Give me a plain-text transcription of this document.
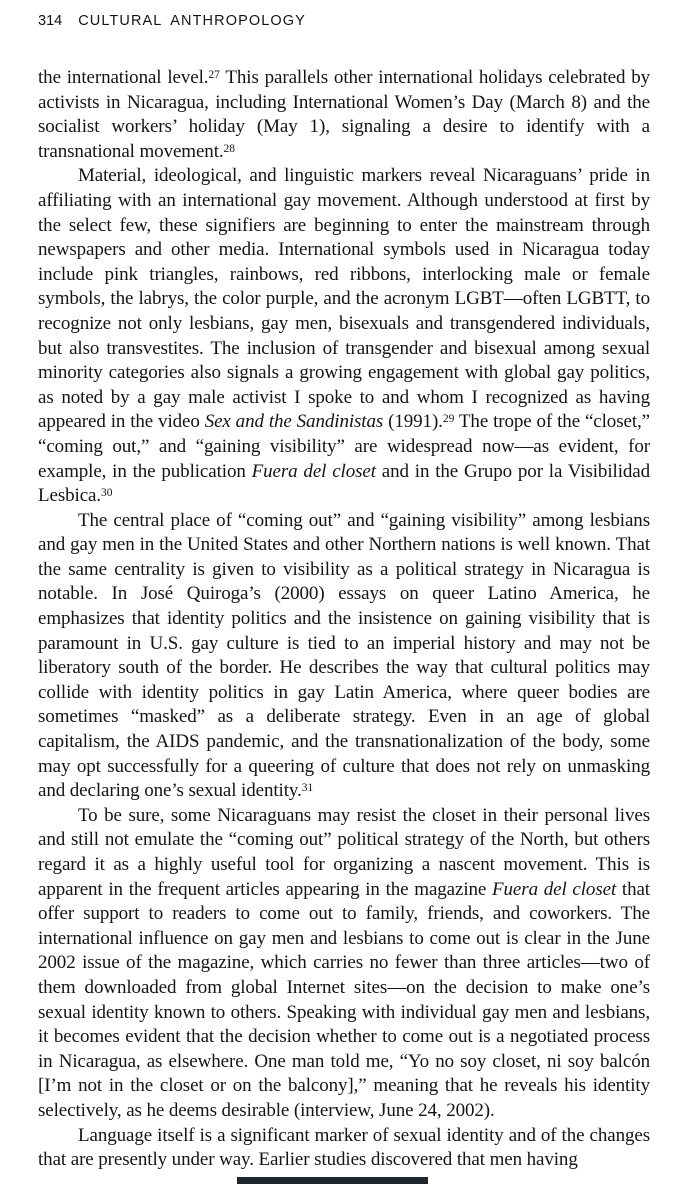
314 CULTURAL ANTHROPOLOGY

the international level.$^{27}$ This parallels other international holidays celebrated by activists in Nicaragua, including International Women’s Day (March 8) and the socialist workers’ holiday (May 1), signaling a desire to identify with a transnational movement.$^{28}$

Material, ideological, and linguistic markers reveal Nicaraguans’ pride in affiliating with an international gay movement. Although understood at first by the select few, these signifiers are beginning to enter the mainstream through newspapers and other media. International symbols used in Nicaragua today include pink triangles, rainbows, red ribbons, interlocking male or female symbols, the labrys, the color purple, and the acronym LGBT—often LGBTT, to recognize not only lesbians, gay men, bisexuals and transgendered individuals, but also transvestites. The inclusion of transgender and bisexual among sexual minority categories also signals a growing engagement with global gay politics, as noted by a gay male activist I spoke to and whom I recognized as having appeared in the video Sex and the Sandinistas (1991).$^{29}$ The trope of the “closet,” “coming out,” and “gaining visibility” are widespread now—as evident, for example, in the publication Fuera del closet and in the Grupo por la Visibilidad Lesbica.$^{30}$

The central place of “coming out” and “gaining visibility” among lesbians and gay men in the United States and other Northern nations is well known. That the same centrality is given to visibility as a political strategy in Nicaragua is notable. In José Quiroga’s (2000) essays on queer Latino America, he emphasizes that identity politics and the insistence on gaining visibility that is paramount in U.S. gay culture is tied to an imperial history and may not be liberatory south of the border. He describes the way that cultural politics may collide with identity politics in gay Latin America, where queer bodies are sometimes “masked” as a deliberate strategy. Even in an age of global capitalism, the AIDS pandemic, and the transnationalization of the body, some may opt successfully for a queering of culture that does not rely on unmasking and declaring one’s sexual identity.$^{31}$

To be sure, some Nicaraguans may resist the closet in their personal lives and still not emulate the “coming out” political strategy of the North, but others regard it as a highly useful tool for organizing a nascent movement. This is apparent in the frequent articles appearing in the magazine Fuera del closet that offer support to readers to come out to family, friends, and coworkers. The international influence on gay men and lesbians to come out is clear in the June 2002 issue of the magazine, which carries no fewer than three articles—two of them downloaded from global Internet sites—on the decision to make one’s sexual identity known to others. Speaking with individual gay men and lesbians, it becomes evident that the decision whether to come out is a negotiated process in Nicaragua, as elsewhere. One man told me, “Yo no soy closet, ni soy balcón [I’m not in the closet or on the balcony],” meaning that he reveals his identity selectively, as he deems desirable (interview, June 24, 2002).

Language itself is a significant marker of sexual identity and of the changes that are presently under way. Earlier studies discovered that men having
